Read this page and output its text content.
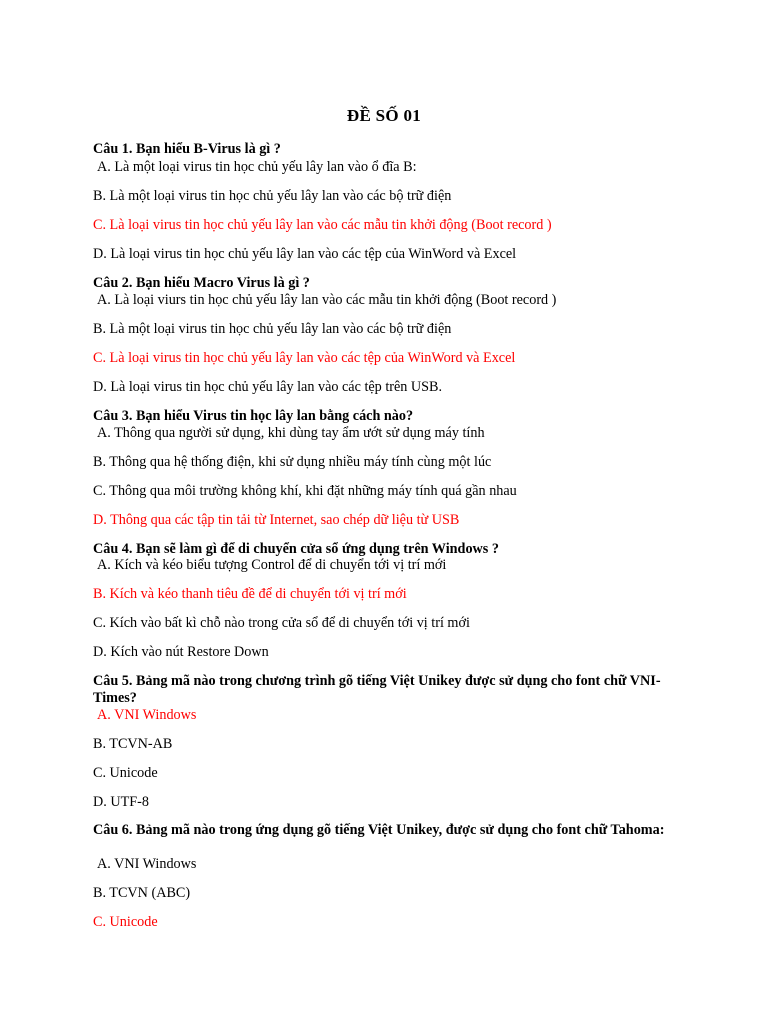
ĐỀ SỐ 01
Câu 1. Bạn hiểu B-Virus là gì ?
A. Là một loại virus tin học chủ yếu lây lan vào ổ đĩa B:
B. Là một loại virus tin học chủ yếu lây lan vào các bộ trữ điện
C. Là loại virus tin học chủ yếu lây lan vào các mẫu tin khởi động (Boot record )
D. Là loại virus tin học chủ yếu lây lan vào các tệp của WinWord và Excel
Câu 2. Bạn hiểu Macro Virus là gì ?
A. Là loại viurs tin học chủ yếu lây lan vào các mẫu tin khởi động (Boot record )
B. Là một loại virus tin học chủ yếu lây lan vào các bộ trữ điện
C. Là loại virus tin học chủ yếu lây lan vào các tệp của WinWord và Excel
D. Là loại virus tin học chủ yếu lây lan vào các tệp trên USB.
Câu 3. Bạn hiểu Virus tin học lây lan bằng cách nào?
A. Thông qua người sử dụng, khi dùng tay ẩm ướt sử dụng máy tính
B. Thông qua hệ thống điện, khi sử dụng nhiều máy tính cùng một lúc
C. Thông qua môi trường không khí, khi đặt những máy tính quá gần nhau
D. Thông qua các tập tin tải từ Internet, sao chép dữ liệu từ USB
Câu 4. Bạn sẽ làm gì để di chuyển cửa sổ ứng dụng trên Windows ?
A. Kích và kéo biểu tượng Control để di chuyển tới vị trí mới
B. Kích và kéo thanh tiêu đề để di chuyển tới vị trí mới
C. Kích vào bất kì chỗ nào trong cửa sổ để di chuyển tới vị trí mới
D. Kích vào nút Restore Down
Câu 5. Bảng mã nào trong chương trình gõ tiếng Việt Unikey được sử dụng cho font chữ VNI-Times?
A. VNI Windows
B. TCVN-AB
C. Unicode
D. UTF-8
Câu 6. Bảng mã nào trong ứng dụng gõ tiếng Việt Unikey, được sử dụng cho font chữ Tahoma:
A. VNI Windows
B. TCVN (ABC)
C. Unicode
